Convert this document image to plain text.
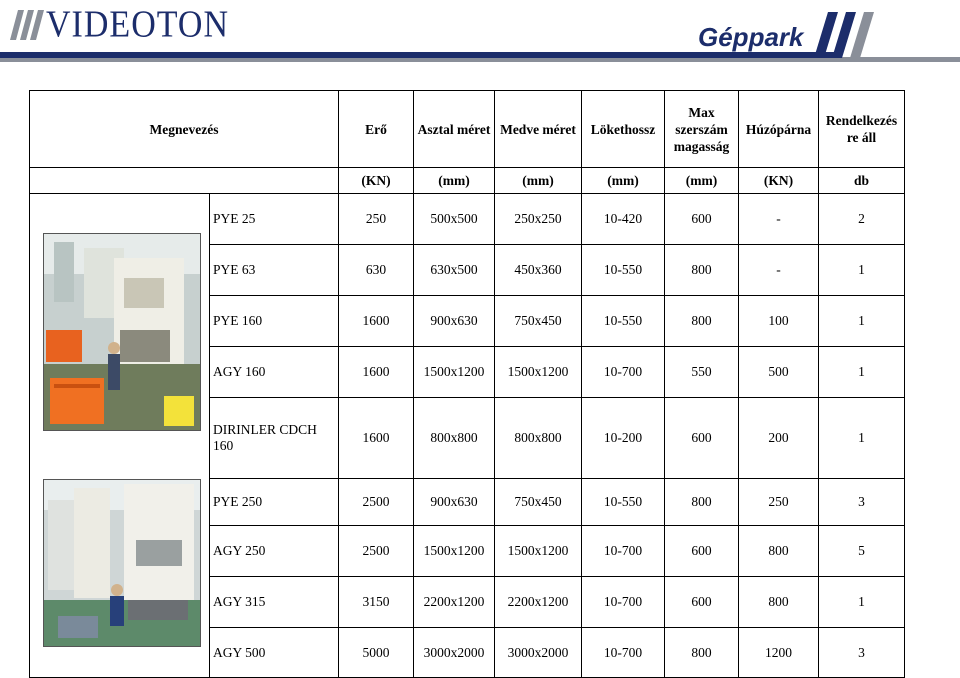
VIDEOTON	Géppark
Megnevezés		Erő	Asztal méret	Medve méret	Lökethossz	Max szerszám magasság	Húzópárna	Rendelkezés re áll
		(KN)	(mm)	(mm)	(mm)	(mm)	(KN)	db

	PYE 25	250	500x500	250x250	10-420	600	-	2
	PYE 63	630	630x500	450x360	10-550	800	-	1
	PYE 160	1600	900x630	750x450	10-550	800	100	1
	AGY 160	1600	1500x1200	1500x1200	10-700	550	500	1
	DIRINLER CDCH 160	1600	800x800	800x800	10-200	600	200	1
	PYE 250	2500	900x630	750x450	10-550	800	250	3
	AGY 250	2500	1500x1200	1500x1200	10-700	600	800	5
	AGY 315	3150	2200x1200	2200x1200	10-700	600	800	1
	AGY 500	5000	3000x2000	3000x2000	10-700	800	1200	3
